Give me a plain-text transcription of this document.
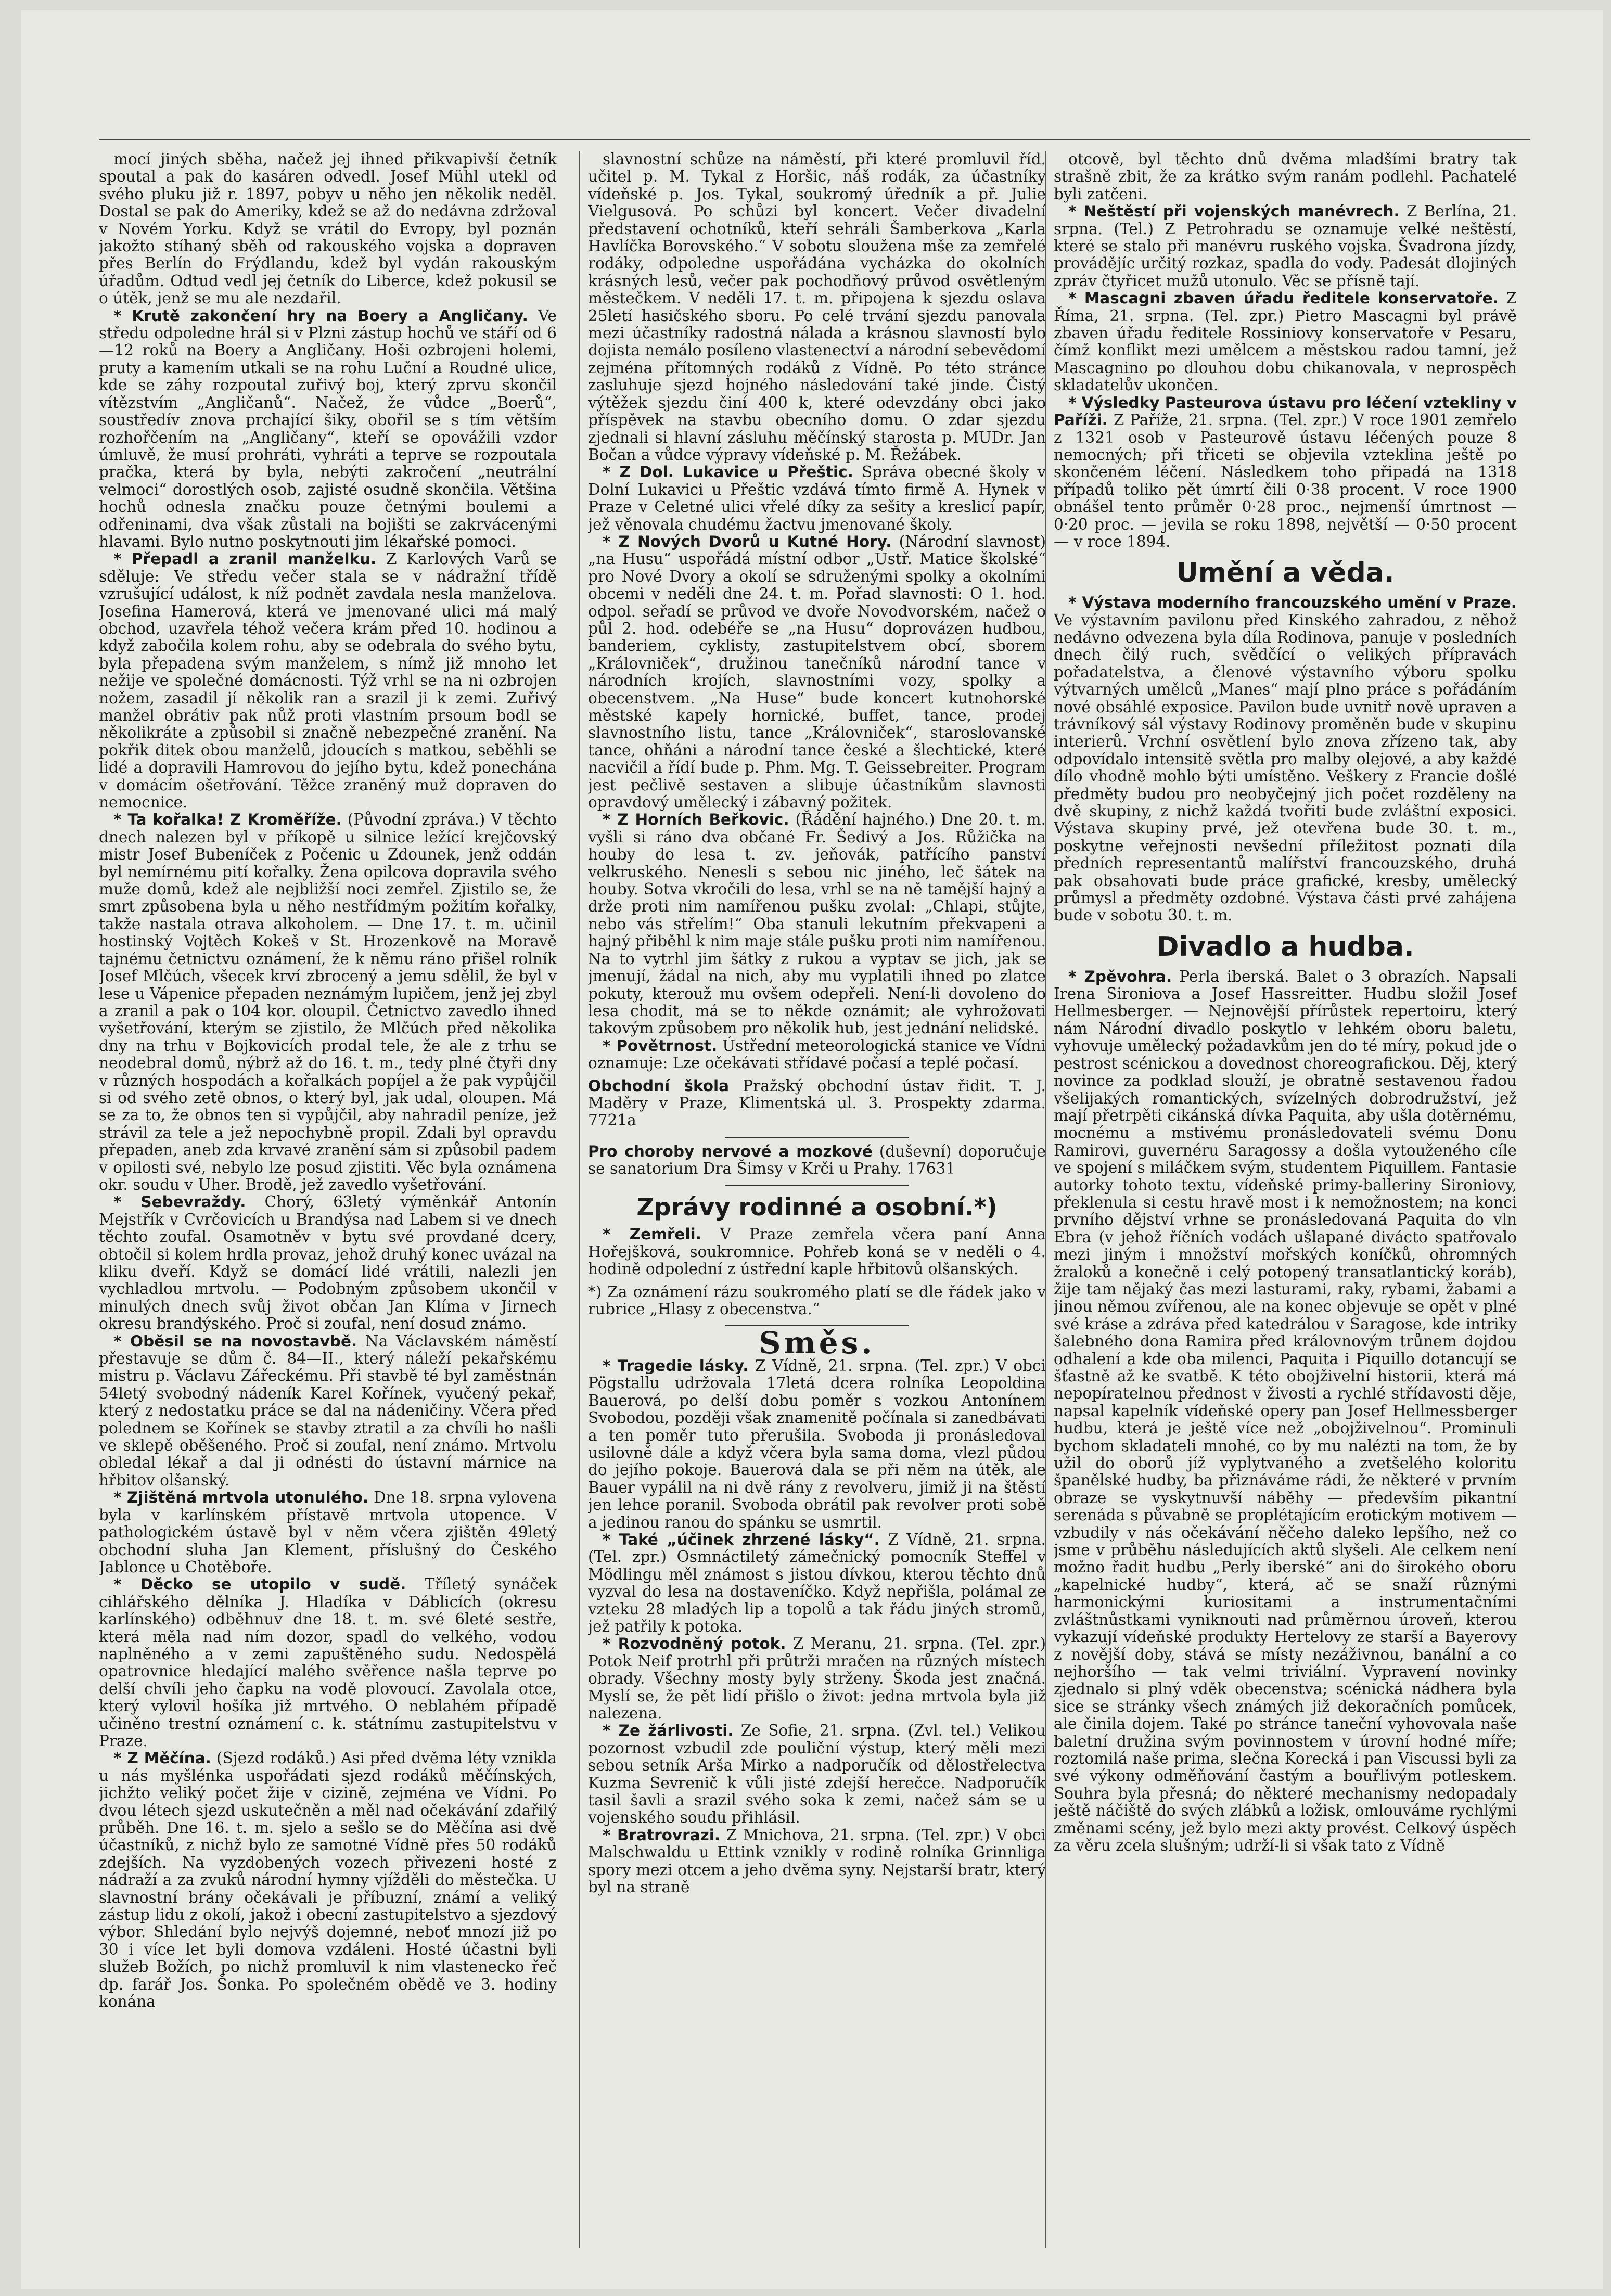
mocí jiných sběha, načež jej ihned přikvapivší četník spoutal a pak do kasáren odvedl. Josef Mühl utekl od svého pluku již r. 1897, pobyv u něho jen několik neděl. Dostal se pak do Ameriky, kdež se až do nedávna zdržoval v Novém Yorku. Když se vrátil do Evropy, byl poznán jakožto stíhaný sběh od rakouského vojska a dopraven přes Berlín do Frýdlandu, kdež byl vydán rakouským úřadům. Odtud vedl jej četník do Liberce, kdež pokusil se o útěk, jenž se mu ale nezdařil.

* Krutě zakončení hry na Boery a Angličany. Ve středu odpoledne hrál si v Plzni zástup hochů ve stáří od 6—12 roků na Boery a Angličany. Hoši ozbrojeni holemi, pruty a kamením utkali se na rohu Luční a Roudné ulice, kde se záhy rozpoutal zuřivý boj, který zprvu skončil vítězstvím „Angličanů“. Načež, že vůdce „Boerů“, soustředív znova prchající šiky, obořil se s tím větším rozhořčením na „Angličany“, kteří se opovážili vzdor úmluvě, že musí prohráti, vyhráti a teprve se rozpoutala pračka, která by byla, nebýti zakročení „neutrální velmoci“ dorostlých osob, zajisté osudně skončila. Většina hochů odnesla značku pouze četnými boulemi a odřeninami, dva však zůstali na bojišti se zakrvácenými hlavami. Bylo nutno poskytnouti jim lékařské pomoci.

* Přepadl a zranil manželku. Z Karlových Varů se sděluje: Ve středu večer stala se v nádražní třídě vzrušující událost, k níž podnět zavdala nesla manželova. Josefina Hamerová, která ve jmenované ulici má malý obchod, uzavřela téhož večera krám před 10. hodinou a když zabočila kolem rohu, aby se odebrala do svého bytu, byla přepadena svým manželem, s nímž již mnoho let nežije ve společné domácnosti. Týž vrhl se na ni ozbrojen nožem, zasadil jí několik ran a srazil ji k zemi. Zuřivý manžel obrátiv pak nůž proti vlastním prsoum bodl se několikráte a způsobil si značně nebezpečné zranění. Na pokřik ditek obou manželů, jdoucích s matkou, seběhli se lidé a dopravili Hamrovou do jejího bytu, kdež ponechána v domácím ošetřování. Těžce zraněný muž dopraven do nemocnice.

* Ta kořalka! Z Kroměříže. (Původní zpráva.) V těchto dnech nalezen byl v příkopě u silnice ležící krejčovský mistr Josef Bubeníček z Počenic u Zdounek, jenž oddán byl nemírnému pití kořalky. Žena opilcova dopravila svého muže domů, kdež ale nejbližší noci zemřel. Zjistilo se, že smrt způsobena byla u něho nestřídmým požitím kořalky, takže nastala otrava alkoholem. — Dne 17. t. m. učinil hostinský Vojtěch Kokeš v St. Hrozenkově na Moravě tajnému četnictvu oznámení, že k němu ráno přišel rolník Josef Mlčúch, všecek krví zbrocený a jemu sdělil, že byl v lese u Vápenice přepaden neznámým lupičem, jenž jej zbyl a zranil a pak o 104 kor. oloupil. Četnictvo zavedlo ihned vyšetřování, kterým se zjistilo, že Mlčúch před několika dny na trhu v Bojkovicích prodal tele, že ale z trhu se neodebral domů, nýbrž až do 16. t. m., tedy plné čtyři dny v různých hospodách a kořalkách popíjel a že pak vypůjčil si od svého zetě obnos, o který byl, jak udal, oloupen. Má se za to, že obnos ten si vypůjčil, aby nahradil peníze, jež strávil za tele a jež nepochybně propil. Zdali byl opravdu přepaden, aneb zda krvavé zranění sám si způsobil padem v opilosti své, nebylo lze posud zjistiti. Věc byla oznámena okr. soudu v Uher. Brodě, jež zavedlo vyšetřování.

* Sebevraždy. Chorý, 63letý výměnkář Antonín Mejstřík v Cvrčovicích u Brandýsa nad Labem si ve dnech těchto zoufal. Osamotněv v bytu své provdané dcery, obtočil si kolem hrdla provaz, jehož druhý konec uvázal na kliku dveří. Když se domácí lidé vrátili, nalezli jen vychladlou mrtvolu. — Podobným způsobem ukončil v minulých dnech svůj život občan Jan Klíma v Jirnech okresu brandýského. Proč si zoufal, není dosud známo.

* Oběsil se na novostavbě. Na Václavském náměstí přestavuje se dům č. 84—II., který náleží pekařskému mistru p. Václavu Zářeckému. Při stavbě té byl zaměstnán 54letý svobodný nádeník Karel Kořínek, vyučený pekař, který z nedostatku práce se dal na nádeničiny. Včera před polednem se Kořínek se stavby ztratil a za chvíli ho našli ve sklepě oběšeného. Proč si zoufal, není známo. Mrtvolu obledal lékař a dal ji odnésti do ústavní márnice na hřbitov olšanský.

* Zjištěná mrtvola utonulého. Dne 18. srpna vylovena byla v karlínském přístavě mrtvola utopence. V pathologickém ústavě byl v něm včera zjištěn 49letý obchodní sluha Jan Klement, příslušný do Českého Jablonce u Chotěboře.

* Děcko se utopilo v sudě. Tříletý synáček cihlářského dělníka J. Hladíka v Dáblicích (okresu karlínského) odběhnuv dne 18. t. m. své 6leté sestře, která měla nad ním dozor, spadl do velkého, vodou naplněného a v zemi zapuštěného sudu. Nedospělá opatrovnice hledající malého svěřence našla teprve po delší chvíli jeho čapku na vodě plovoucí. Zavolala otce, který vylovil hošíka již mrtvého. O neblahém případě učiněno trestní oznámení c. k. státnímu zastupitelstvu v Praze.

* Z Měčína. (Sjezd rodáků.) Asi před dvěma léty vznikla u nás myšlénka uspořádati sjezd rodáků měčínských, jichžto veliký počet žije v cizině, zejména ve Vídni. Po dvou létech sjezd uskutečněn a měl nad očekávání zdařilý průběh. Dne 16. t. m. sjelo a sešlo se do Měčína asi dvě účastníků, z nichž bylo ze samotné Vídně přes 50 rodáků zdejších. Na vyzdobených vozech přivezeni hosté z nádraží a za zvuků národní hymny vjížděli do městečka. U slavnostní brány očekávali je příbuzní, známí a veliký zástup lidu z okolí, jakož i obecní zastupitelstvo a sjezdový výbor. Shledání bylo nejvýš dojemné, neboť mnozí již po 30 i více let byli domova vzdáleni. Hosté účastni byli služeb Božích, po nichž promluvil k nim vlastenecko řeč dp. farář Jos. Šonka. Po společném obědě ve 3. hodiny konána

slavnostní schůze na náměstí, při které promluvil říd. učitel p. M. Tykal z Horšic, náš rodák, za účastníky vídeňské p. Jos. Tykal, soukromý úředník a př. Julie Vielgusová. Po schůzi byl koncert. Večer divadelní představení ochotníků, kteří sehráli Šamberkova „Karla Havlíčka Borovského.“ V sobotu sloužena mše za zemřelé rodáky, odpoledne uspořádána vycházka do okolních krásných lesů, večer pak pochodňový průvod osvětleným městečkem. V neděli 17. t. m. připojena k sjezdu oslava 25letí hasičského sboru. Po celé trvání sjezdu panovala mezi účastníky radostná nálada a krásnou slavností bylo dojista nemálo posíleno vlastenectví a národní sebevědomí zejména přítomných rodáků z Vídně. Po této stránce zasluhuje sjezd hojného následování také jinde. Čistý výtěžek sjezdu činí 400 k, které odevzdány obci jako příspěvek na stavbu obecního domu. O zdar sjezdu zjednali si hlavní zásluhu měčínský starosta p. MUDr. Jan Bočan a vůdce výpravy vídeňské p. M. Řežábek.

* Z Dol. Lukavice u Přeštic. Správa obecné školy v Dolní Lukavici u Přeštic vzdává tímto firmě A. Hynek v Praze v Celetné ulici vřelé díky za sešity a kreslicí papír, jež věnovala chudému žactvu jmenované školy.

* Z Nových Dvorů u Kutné Hory. (Národní slavnost) „na Husu“ uspořádá místní odbor „Ústř. Matice školské“ pro Nové Dvory a okolí se sdruženými spolky a okolními obcemi v neděli dne 24. t. m. Pořad slavnosti: O 1. hod. odpol. seřadí se průvod ve dvoře Novodvorském, načež o půl 2. hod. odebéře se „na Husu“ doprovázen hudbou, banderiem, cyklisty, zastupitelstvem obcí, sborem „Královniček“, družinou tanečníků národní tance v národních krojích, slavnostními vozy, spolky a obecenstvem. „Na Huse“ bude koncert kutnohorské městské kapely hornické, buffet, tance, prodej slavnostního listu, tance „Královniček“, staroslovanské tance, ohňáni a národní tance české a šlechtické, které nacvičil a řídí bude p. Phm. Mg. T. Geissebreiter. Program jest pečlivě sestaven a slibuje účastníkům slavnosti opravdový umělecký i zábavný požitek.

* Z Horních Beřkovic. (Řádění hajného.) Dne 20. t. m. vyšli si ráno dva občané Fr. Šedivý a Jos. Růžička na houby do lesa t. zv. jeňovák, patřícího panství velkruského. Nenesli s sebou nic jiného, leč šátek na houby. Sotva vkročili do lesa, vrhl se na ně tamější hajný a drže proti nim namířenou pušku zvolal: „Chlapi, stůjte, nebo vás střelím!“ Oba stanuli lekutním překvapeni a hajný přiběhl k nim maje stále pušku proti nim namířenou. Na to vytrhl jim šátky z rukou a vyptav se jich, jak se jmenují, žádal na nich, aby mu vyplatili ihned po zlatce pokuty, kterouž mu ovšem odepřeli. Není-li dovoleno do lesa chodit, má se to někde oznámit; ale vyhrožovati takovým způsobem pro několik hub, jest jednání nelidské.

* Povětrnost. Ústřední meteorologická stanice ve Vídni oznamuje: Lze očekávati střídavé počasí a teplé počasí.

Obchodní škola Pražský obchodní ústav řidit. T. J. Maděry v Praze, Klimentská ul. 3. Prospekty zdarma. 7721a

Pro choroby nervové a mozkové (duševní) doporučuje se sanatorium Dra Šimsy v Krči u Prahy. 17631

Zprávy rodinné a osobní.*)

* Zemřeli. V Praze zemřela včera paní Anna Hořejšková, soukromnice. Pohřeb koná se v neděli o 4. hodině odpolední z ústřední kaple hřbitovů olšanských.

*) Za oznámení rázu soukromého platí se dle řádek jako v rubrice „Hlasy z obecenstva.“

Směs.

* Tragedie lásky. Z Vídně, 21. srpna. (Tel. zpr.) V obci Pögstallu udržovala 17letá dcera rolníka Leopoldina Bauerová, po delší dobu poměr s vozkou Antonínem Svobodou, později však znamenitě počínala si zanedbávati a ten poměr tuto přerušila. Svoboda ji pronásledoval usilovně dále a když včera byla sama doma, vlezl půdou do jejího pokoje. Bauerová dala se při něm na útěk, ale Bauer vypálil na ni dvě rány z revolveru, jimiž ji na štěstí jen lehce poranil. Svoboda obrátil pak revolver proti sobě a jedinou ranou do spánku se usmrtil.

* Také „účinek zhrzené lásky“. Z Vídně, 21. srpna. (Tel. zpr.) Osmnáctiletý zámečnický pomocník Steffel v Mödlingu měl známost s jistou dívkou, kterou těchto dnů vyzval do lesa na dostaveníčko. Když nepřišla, polámal ze vzteku 28 mladých lip a topolů a tak řádu jiných stromů, jež patřily k potoka.

* Rozvodněný potok. Z Meranu, 21. srpna. (Tel. zpr.) Potok Neif protrhl při průtrži mračen na různých místech obrady. Všechny mosty byly strženy. Škoda jest značná. Myslí se, že pět lidí přišlo o život: jedna mrtvola byla již nalezena.

* Ze žárlivosti. Ze Sofie, 21. srpna. (Zvl. tel.) Velikou pozornost vzbudil zde pouliční výstup, který měli mezi sebou setník Arša Mirko a nadporučík od dělostřelectva Kuzma Sevrenič k vůli jisté zdejší herečce. Nadporučík tasil šavli a srazil svého soka k zemi, načež sám se u vojenského soudu přihlásil.

* Bratrovrazi. Z Mnichova, 21. srpna. (Tel. zpr.) V obci Malschwaldu u Ettink vznikly v rodině rolníka Grinnliga spory mezi otcem a jeho dvěma syny. Nejstarší bratr, který byl na straně

otcově, byl těchto dnů dvěma mladšími bratry tak strašně zbit, že za krátko svým ranám podlehl. Pachatelé byli zatčeni.

* Neštěstí při vojenských manévrech. Z Berlína, 21. srpna. (Tel.) Z Petrohradu se oznamuje velké neštěstí, které se stalo při manévru ruského vojska. Švadrona jízdy, provádějíc určitý rozkaz, spadla do vody. Padesát dlojiných zpráv čtyřicet mužů utonulo. Věc se přísně tají.

* Mascagni zbaven úřadu ředitele konservatoře. Z Říma, 21. srpna. (Tel. zpr.) Pietro Mascagni byl právě zbaven úřadu ředitele Rossiniovy konservatoře v Pesaru, čímž konflikt mezi umělcem a městskou radou tamní, jež Mascagnino po dlouhou dobu chikanovala, v neprospěch skladatelův ukončen.

* Výsledky Pasteurova ústavu pro léčení vztekliny v Paříži. Z Paříže, 21. srpna. (Tel. zpr.) V roce 1901 zemřelo z 1321 osob v Pasteurově ústavu léčených pouze 8 nemocných; při třiceti se objevila vzteklina ještě po skončeném léčení. Následkem toho připadá na 1318 případů toliko pět úmrtí čili 0·38 procent. V roce 1900 obnášel tento průměr 0·28 proc., nejmenší úmrtnost — 0·20 proc. — jevila se roku 1898, největší — 0·50 procent — v roce 1894.

Umění a věda.

* Výstava moderního francouzského umění v Praze. Ve výstavním pavilonu před Kinského zahradou, z něhož nedávno odvezena byla díla Rodinova, panuje v posledních dnech čilý ruch, svědčící o velikých přípravách pořadatelstva, a členové výstavního výboru spolku výtvarných umělců „Manes“ mají plno práce s pořádáním nové obsáhlé exposice. Pavilon bude uvnitř nově upraven a trávníkový sál výstavy Rodinovy proměněn bude v skupinu interierů. Vrchní osvětlení bylo znova zřízeno tak, aby odpovídalo intensitě světla pro malby olejové, a aby každé dílo vhodně mohlo býti umístěno. Veškery z Francie došlé předměty budou pro neobyčejný jich počet rozděleny na dvě skupiny, z nichž každá tvořiti bude zvláštní exposici. Výstava skupiny prvé, jež otevřena bude 30. t. m., poskytne veřejnosti nevšední příležitost poznati díla předních representantů malířství francouzského, druhá pak obsahovati bude práce grafické, kresby, umělecký průmysl a předměty ozdobné. Výstava části prvé zahájena bude v sobotu 30. t. m.

Divadlo a hudba.

* Zpěvohra. Perla iberská. Balet o 3 obrazích. Napsali Irena Sironiova a Josef Hassreitter. Hudbu složil Josef Hellmesberger. — Nejnovější přírůstek repertoiru, který nám Národní divadlo poskytlo v lehkém oboru baletu, vyhovuje umělecký požadavkům jen do té míry, pokud jde o pestrost scénickou a dovednost choreografickou. Děj, který novince za podklad slouží, je obratně sestavenou řadou všelijakých romantických, svízelných dobrodružství, jež mají přetrpěti cikánská dívka Paquita, aby ušla dotěrnému, mocnému a mstivému pronásledovateli svému Donu Ramirovi, guvernéru Saragossy a došla vytouženého cíle ve spojení s miláčkem svým, studentem Piquillem. Fantasie autorky tohoto textu, vídeňské primy-balleriny Sironiovy, překlenula si cestu hravě most i k nemožnostem; na konci prvního dějství vrhne se pronásledovaná Paquita do vln Ebra (v jehož říčních vodách ušlapané divácto spatřovalo mezi jiným i množství mořských koníčků, ohromných žraloků a konečně i celý potopený transatlantický koráb), žije tam nějaký čas mezi lasturami, raky, rybami, žabami a jinou němou zvířenou, ale na konec objevuje se opět v plné své kráse a zdráva před katedrálou v Saragose, kde intriky šalebného dona Ramira před královnovým trůnem dojdou odhalení a kde oba milenci, Paquita i Piquillo dotancují se šťastně až ke svatbě. K této obojživelní historii, která má nepopíratelnou přednost v živosti a rychlé střídavosti děje, napsal kapelník vídeňské opery pan Josef Hellmessberger hudbu, která je ještě více než „obojživelnou“. Prominuli bychom skladateli mnohé, co by mu nalézti na tom, že by užil do oborů jíž vyplytvaného a zvetšelého koloritu španělské hudby, ba přiznáváme rádi, že některé v prvním obraze se vyskytnuvší náběhy — především pikantní serenáda s půvabně se proplétajícím erotickým motivem — vzbudily v nás očekávání něčeho daleko lepšího, než co jsme v průběhu následujících aktů slyšeli. Ale celkem není možno řadit hudbu „Perly iberské“ ani do širokého oboru „kapelnické hudby“, která, ač se snaží různými harmonickými kuriositami a instrumentačními zvláštnůstkami vyniknouti nad průměrnou úroveň, kterou vykazují vídeňské produkty Hertelovy ze starší a Bayerovy z novější doby, stává se místy nezáživnou, banální a co nejhoršího — tak velmi triviální. Vypravení novinky zjednalo si plný vděk obecenstva; scénická nádhera byla sice se stránky všech známých již dekoračních pomůcek, ale činila dojem. Také po stránce taneční vyhovovala naše baletní družina svým povinnostem v úrovní hodné míře; roztomilá naše prima, slečna Korecká i pan Viscussi byli za své výkony odměňování častým a bouřlivým potleskem. Souhra byla přesná; do některé mechanismy nedopadaly ještě náčiště do svých zlábků a ložisk, omlouváme rychlými změnami scény, jež bylo mezi akty provést. Celkový úspěch za věru zcela slušným; udrží-li si však tato z Vídně
